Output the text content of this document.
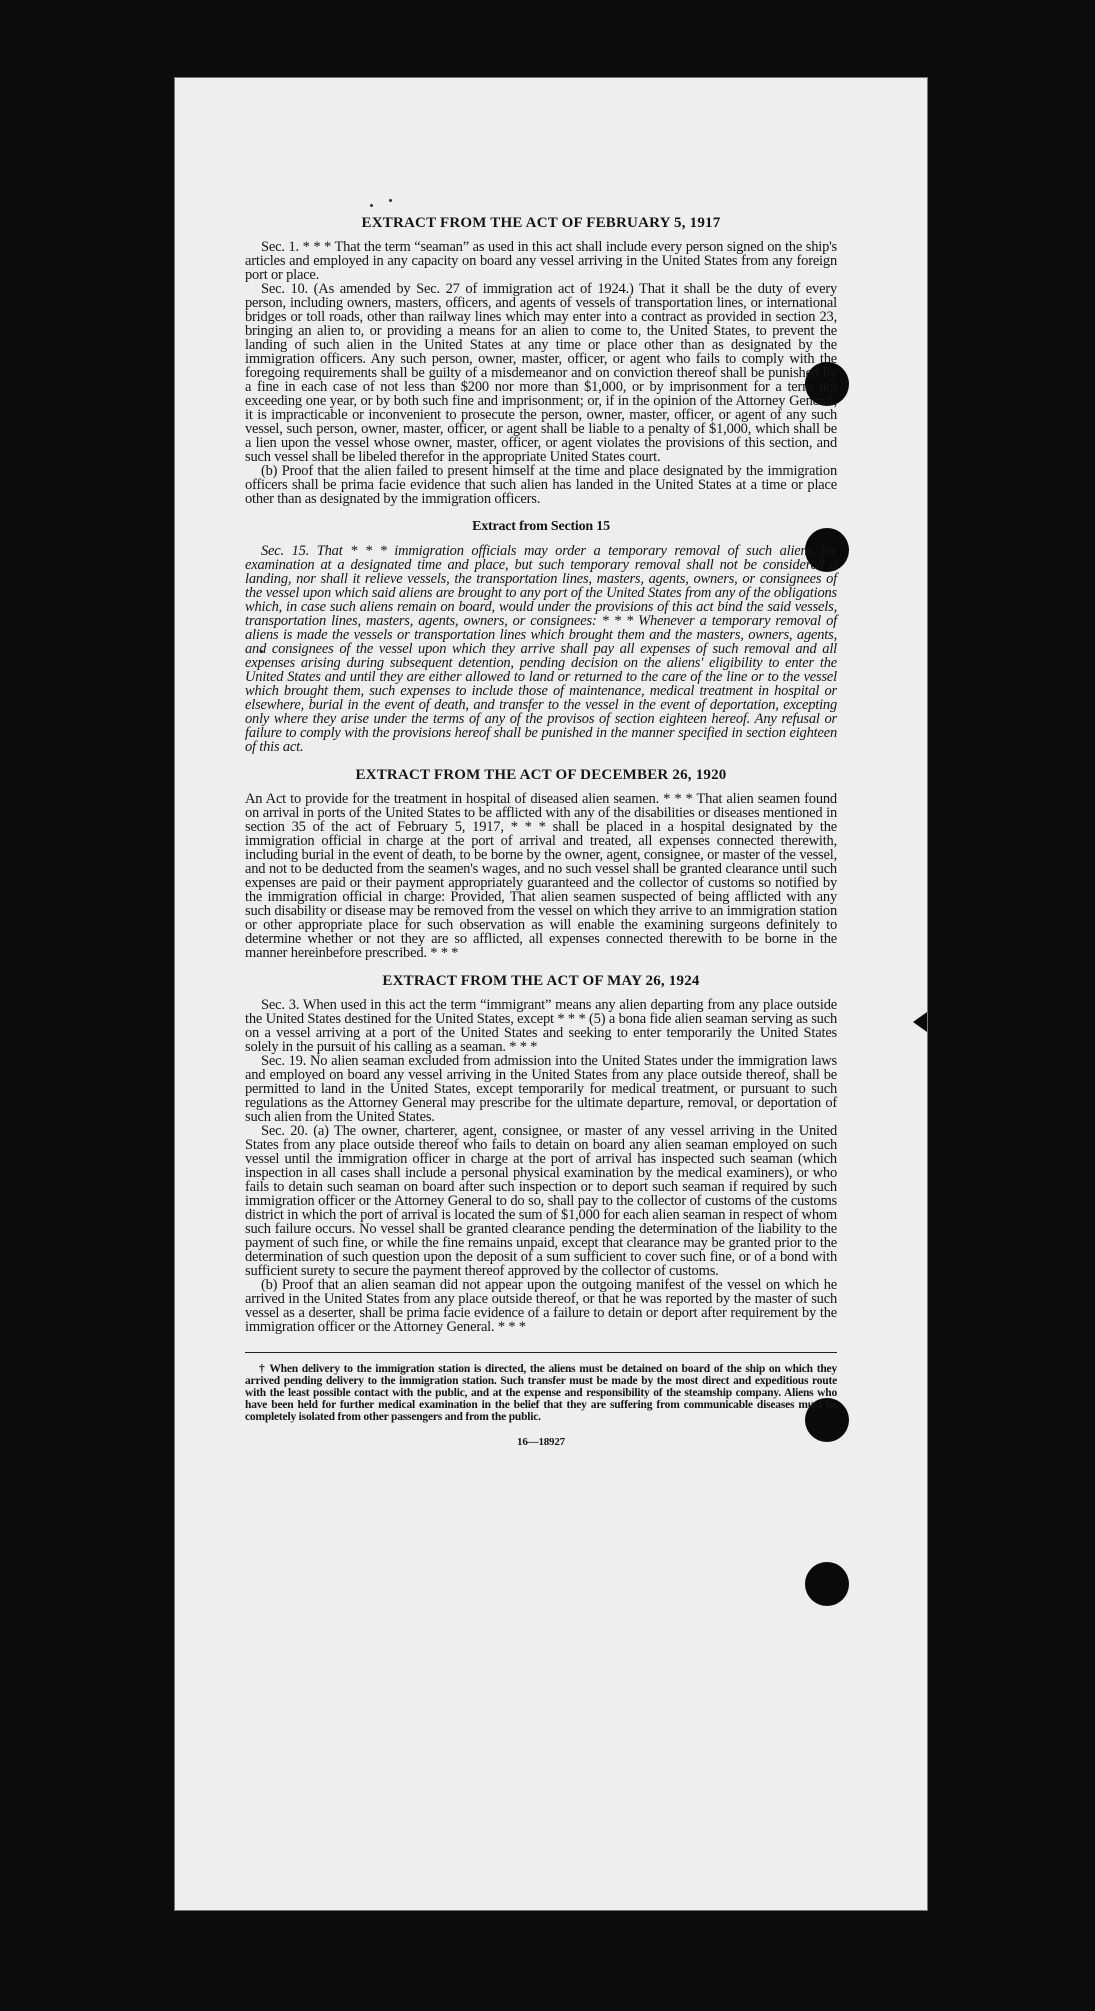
EXTRACT FROM THE ACT OF FEBRUARY 5, 1917

Sec. 1. * * * That the term “seaman” as used in this act shall include every person signed on the ship's articles and employed in any capacity on board any vessel arriving in the United States from any foreign port or place.

Sec. 10. (As amended by Sec. 27 of immigration act of 1924.) That it shall be the duty of every person, including owners, masters, officers, and agents of vessels of transportation lines, or international bridges or toll roads, other than railway lines which may enter into a contract as provided in section 23, bringing an alien to, or providing a means for an alien to come to, the United States, to prevent the landing of such alien in the United States at any time or place other than as designated by the immigration officers. Any such person, owner, master, officer, or agent who fails to comply with the foregoing requirements shall be guilty of a misdemeanor and on conviction thereof shall be punished by a fine in each case of not less than $200 nor more than $1,000, or by imprisonment for a term not exceeding one year, or by both such fine and imprisonment; or, if in the opinion of the Attorney General, it is impracticable or inconvenient to prosecute the person, owner, master, officer, or agent of any such vessel, such person, owner, master, officer, or agent shall be liable to a penalty of $1,000, which shall be a lien upon the vessel whose owner, master, officer, or agent violates the provisions of this section, and such vessel shall be libeled therefor in the appropriate United States court.

(b) Proof that the alien failed to present himself at the time and place designated by the immigration officers shall be prima facie evidence that such alien has landed in the United States at a time or place other than as designated by the immigration officers.

Extract from Section 15

Sec. 15. That * * * immigration officials may order a temporary removal of such aliens for examination at a designated time and place, but such temporary removal shall not be considered a landing, nor shall it relieve vessels, the transportation lines, masters, agents, owners, or consignees of the vessel upon which said aliens are brought to any port of the United States from any of the obligations which, in case such aliens remain on board, would under the provisions of this act bind the said vessels, transportation lines, masters, agents, owners, or consignees: * * * Whenever a temporary removal of aliens is made the vessels or transportation lines which brought them and the masters, owners, agents, and consignees of the vessel upon which they arrive shall pay all expenses of such removal and all expenses arising during subsequent detention, pending decision on the aliens' eligibility to enter the United States and until they are either allowed to land or returned to the care of the line or to the vessel which brought them, such expenses to include those of maintenance, medical treatment in hospital or elsewhere, burial in the event of death, and transfer to the vessel in the event of deportation, excepting only where they arise under the terms of any of the provisos of section eighteen hereof. Any refusal or failure to comply with the provisions hereof shall be punished in the manner specified in section eighteen of this act.

EXTRACT FROM THE ACT OF DECEMBER 26, 1920

An Act to provide for the treatment in hospital of diseased alien seamen. * * * That alien seamen found on arrival in ports of the United States to be afflicted with any of the disabilities or diseases mentioned in section 35 of the act of February 5, 1917, * * * shall be placed in a hospital designated by the immigration official in charge at the port of arrival and treated, all expenses connected therewith, including burial in the event of death, to be borne by the owner, agent, consignee, or master of the vessel, and not to be deducted from the seamen's wages, and no such vessel shall be granted clearance until such expenses are paid or their payment appropriately guaranteed and the collector of customs so notified by the immigration official in charge: Provided, That alien seamen suspected of being afflicted with any such disability or disease may be removed from the vessel on which they arrive to an immigration station or other appropriate place for such observation as will enable the examining surgeons definitely to determine whether or not they are so afflicted, all expenses connected therewith to be borne in the manner hereinbefore prescribed. * * *

EXTRACT FROM THE ACT OF MAY 26, 1924

Sec. 3. When used in this act the term “immigrant” means any alien departing from any place outside the United States destined for the United States, except * * * (5) a bona fide alien seaman serving as such on a vessel arriving at a port of the United States and seeking to enter temporarily the United States solely in the pursuit of his calling as a seaman. * * *

Sec. 19. No alien seaman excluded from admission into the United States under the immigration laws and employed on board any vessel arriving in the United States from any place outside thereof, shall be permitted to land in the United States, except temporarily for medical treatment, or pursuant to such regulations as the Attorney General may prescribe for the ultimate departure, removal, or deportation of such alien from the United States.

Sec. 20. (a) The owner, charterer, agent, consignee, or master of any vessel arriving in the United States from any place outside thereof who fails to detain on board any alien seaman employed on such vessel until the immigration officer in charge at the port of arrival has inspected such seaman (which inspection in all cases shall include a personal physical examination by the medical examiners), or who fails to detain such seaman on board after such inspection or to deport such seaman if required by such immigration officer or the Attorney General to do so, shall pay to the collector of customs of the customs district in which the port of arrival is located the sum of $1,000 for each alien seaman in respect of whom such failure occurs. No vessel shall be granted clearance pending the determination of the liability to the payment of such fine, or while the fine remains unpaid, except that clearance may be granted prior to the determination of such question upon the deposit of a sum sufficient to cover such fine, or of a bond with sufficient surety to secure the payment thereof approved by the collector of customs.

(b) Proof that an alien seaman did not appear upon the outgoing manifest of the vessel on which he arrived in the United States from any place outside thereof, or that he was reported by the master of such vessel as a deserter, shall be prima facie evidence of a failure to detain or deport after requirement by the immigration officer or the Attorney General. * * *

† When delivery to the immigration station is directed, the aliens must be detained on board of the ship on which they arrived pending delivery to the immigration station. Such transfer must be made by the most direct and expeditious route with the least possible contact with the public, and at the expense and responsibility of the steamship company. Aliens who have been held for further medical examination in the belief that they are suffering from communicable diseases must be completely isolated from other passengers and from the public.

16—18927
